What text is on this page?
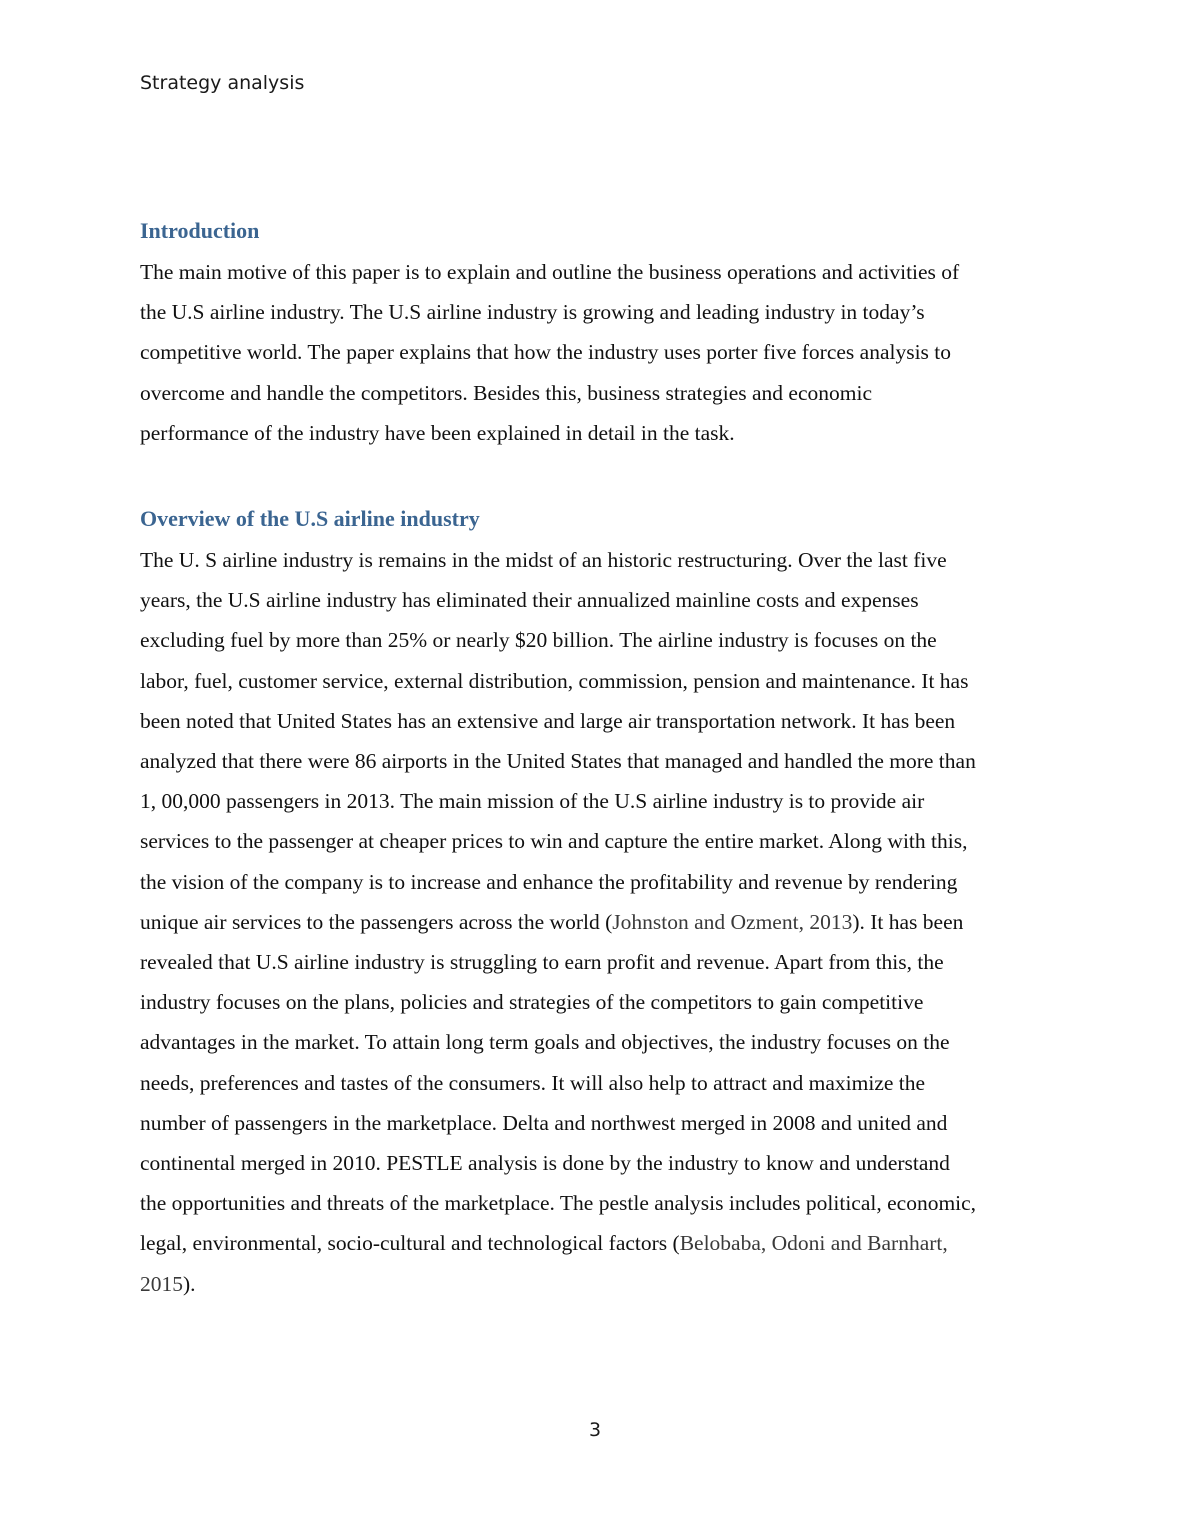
Strategy analysis
Introduction

The main motive of this paper is to explain and outline the business operations and activities of
the U.S airline industry. The U.S airline industry is growing and leading industry in today’s
competitive world. The paper explains that how the industry uses porter five forces analysis to
overcome and handle the competitors. Besides this, business strategies and economic
performance of the industry have been explained in detail in the task.

Overview of the U.S airline industry

The U. S airline industry is remains in the midst of an historic restructuring. Over the last five
years, the U.S airline industry has eliminated their annualized mainline costs and expenses
excluding fuel by more than 25% or nearly $20 billion. The airline industry is focuses on the
labor, fuel, customer service, external distribution, commission, pension and maintenance. It has
been noted that United States has an extensive and large air transportation network. It has been
analyzed that there were 86 airports in the United States that managed and handled the more than
1, 00,000 passengers in 2013. The main mission of the U.S airline industry is to provide air
services to the passenger at cheaper prices to win and capture the entire market. Along with this,
the vision of the company is to increase and enhance the profitability and revenue by rendering
unique air services to the passengers across the world (Johnston and Ozment, 2013). It has been
revealed that U.S airline industry is struggling to earn profit and revenue. Apart from this, the
industry focuses on the plans, policies and strategies of the competitors to gain competitive
advantages in the market. To attain long term goals and objectives, the industry focuses on the
needs, preferences and tastes of the consumers. It will also help to attract and maximize the
number of passengers in the marketplace. Delta and northwest merged in 2008 and united and
continental merged in 2010. PESTLE analysis is done by the industry to know and understand
the opportunities and threats of the marketplace. The pestle analysis includes political, economic,
legal, environmental, socio-cultural and technological factors (Belobaba, Odoni and Barnhart,
2015).

3
